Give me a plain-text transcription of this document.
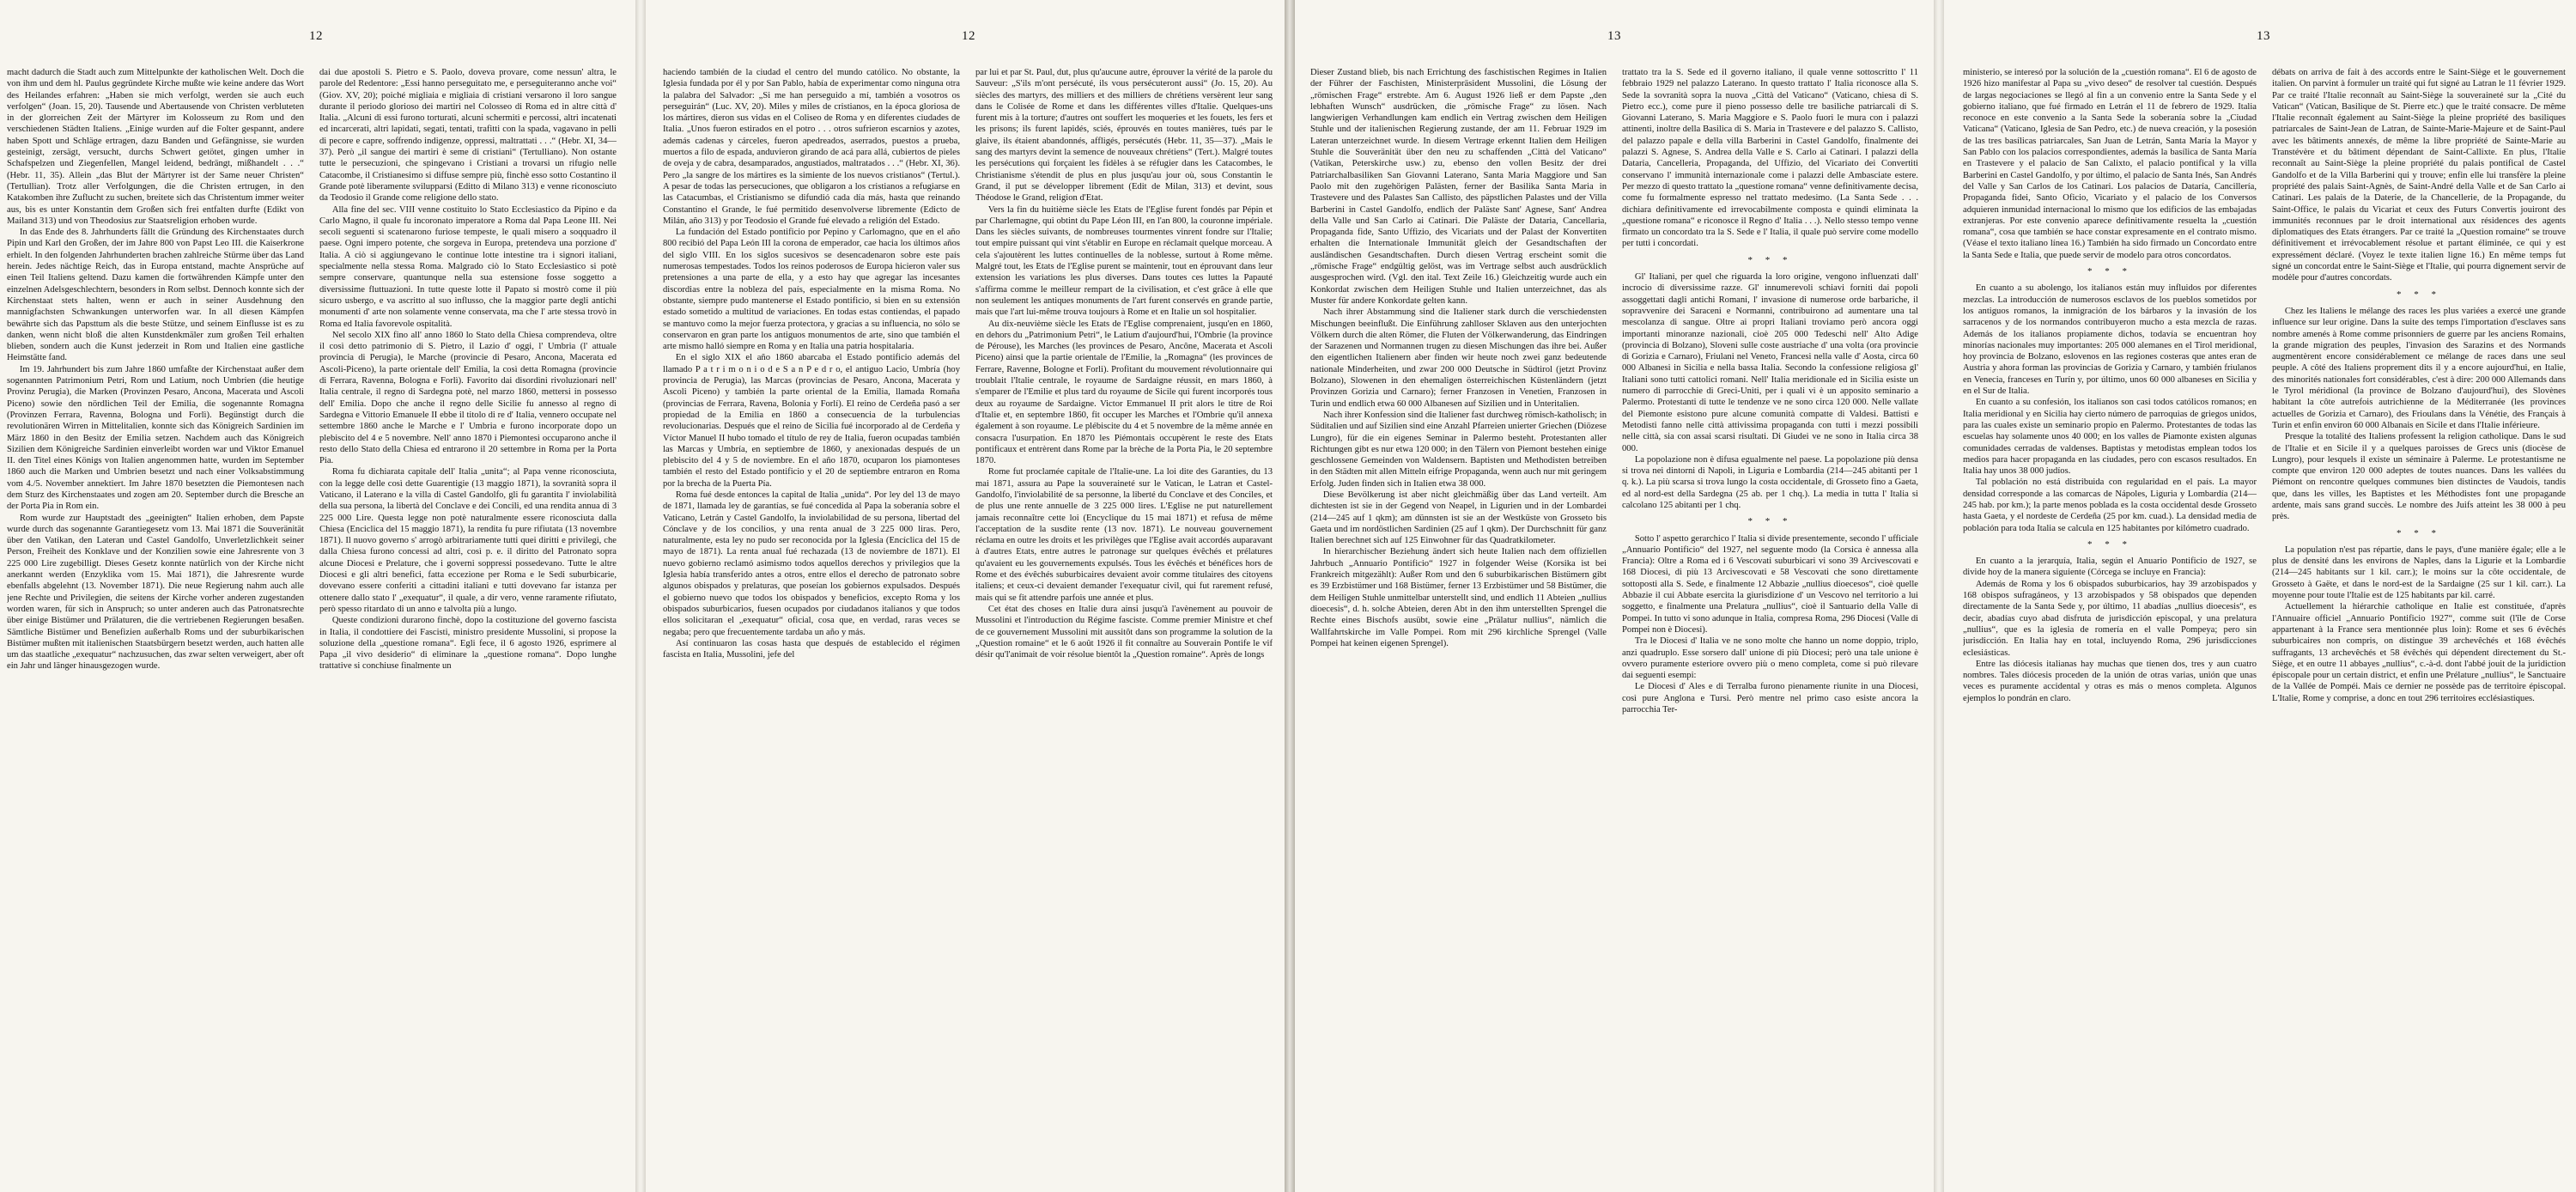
12

macht dadurch die Stadt auch zum Mittelpunkte der katholischen Welt. Doch die von ihm und dem hl. Paulus gegründete Kirche mußte wie keine andere das Wort des Heilandes erfahren: „Haben sie mich verfolgt, werden sie auch euch verfolgen“ (Joan. 15, 20). Tausende und Abertausende von Christen verbluteten in der glorreichen Zeit der Märtyrer im Kolosseum zu Rom und den verschiedenen Städten Italiens. „Einige wurden auf die Folter gespannt, andere haben Spott und Schläge ertragen, dazu Banden und Gefängnisse, sie wurden gesteinigt, zersägt, versucht, durchs Schwert getötet, gingen umher in Schafspelzen und Ziegenfellen, Mangel leidend, bedrängt, mißhandelt . . .“ (Hebr. 11, 35). Allein „das Blut der Märtyrer ist der Same neuer Christen“ (Tertullian). Trotz aller Verfolgungen, die die Christen ertrugen, in den Katakomben ihre Zuflucht zu suchen, breitete sich das Christentum immer weiter aus, bis es unter Konstantin dem Großen sich frei entfalten durfte (Edikt von Mailand 313) und von Theodosius zur Staatsreligion erhoben wurde.

In das Ende des 8. Jahrhunderts fällt die Gründung des Kirchenstaates durch Pipin und Karl den Großen, der im Jahre 800 von Papst Leo III. die Kaiserkrone erhielt. In den folgenden Jahrhunderten brachen zahlreiche Stürme über das Land herein. Jedes nächtige Reich, das in Europa entstand, machte Ansprüche auf einen Teil Italiens geltend. Dazu kamen die fortwährenden Kämpfe unter den einzelnen Adelsgeschlechtern, besonders in Rom selbst. Dennoch konnte sich der Kirchenstaat stets halten, wenn er auch in seiner Ausdehnung den mannigfachsten Schwankungen unterworfen war. In all diesen Kämpfen bewährte sich das Papsttum als die beste Stütze, und seinem Einflusse ist es zu danken, wenn nicht bloß die alten Kunstdenkmäler zum großen Teil erhalten blieben, sondern auch die Kunst jederzeit in Rom und Italien eine gastliche Heimstätte fand.

Im 19. Jahrhundert bis zum Jahre 1860 umfaßte der Kirchenstaat außer dem sogenannten Patrimonium Petri, Rom und Latium, noch Umbrien (die heutige Provinz Perugia), die Marken (Provinzen Pesaro, Ancona, Macerata und Ascoli Piceno) sowie den nördlichen Teil der Emilia, die sogenannte Romagna (Provinzen Ferrara, Ravenna, Bologna und Forlì). Begünstigt durch die revolutionären Wirren in Mittelitalien, konnte sich das Königreich Sardinien im März 1860 in den Besitz der Emilia setzen. Nachdem auch das Königreich Sizilien dem Königreiche Sardinien einverleibt worden war und Viktor Emanuel II. den Titel eines Königs von Italien angenommen hatte, wurden im September 1860 auch die Marken und Umbrien besetzt und nach einer Volksabstimmung vom 4./5. November annektiert. Im Jahre 1870 besetzten die Piemontesen nach dem Sturz des Kirchenstaates und zogen am 20. September durch die Bresche an der Porta Pia in Rom ein.

Rom wurde zur Hauptstadt des „geeinigten“ Italien erhoben, dem Papste wurde durch das sogenannte Garantiegesetz vom 13. Mai 1871 die Souveränität über den Vatikan, den Lateran und Castel Gandolfo, Unverletzlichkeit seiner Person, Freiheit des Konklave und der Konzilien sowie eine Jahresrente von 3 225 000 Lire zugebilligt. Dieses Gesetz konnte natürlich von der Kirche nicht anerkannt werden (Enzyklika vom 15. Mai 1871), die Jahresrente wurde ebenfalls abgelehnt (13. November 1871). Die neue Regierung nahm auch alle jene Rechte und Privilegien, die seitens der Kirche vorher anderen zugestanden worden waren, für sich in Anspruch; so unter anderen auch das Patronatsrechte über einige Bistümer und Prälaturen, die die vertriebenen Regierungen besaßen. Sämtliche Bistümer und Benefizien außerhalb Roms und der suburbikarischen Bistümer mußten mit italienischen Staatsbürgern besetzt werden, auch hatten alle um das staatliche „exequatur“ nachzusuchen, das zwar selten verweigert, aber oft ein Jahr und länger hinausgezogen wurde.

dai due apostoli S. Pietro e S. Paolo, doveva provare, come nessun' altra, le parole del Redentore: „Essi hanno perseguitato me, e perseguiteranno anche voi“ (Giov. XV, 20); poiché migliaia e migliaia di cristiani versarono il loro sangue durante il periodo glorioso dei martiri nel Colosseo di Roma ed in altre città d' Italia. „Alcuni di essi furono torturati, alcuni schermiti e percossi, altri incatenati ed incarcerati, altri lapidati, segati, tentati, trafitti con la spada, vagavano in pelli di pecore e capre, soffrendo indigenze, oppressi, maltrattati . . .“ (Hebr. XI, 34—37). Però „il sangue dei martiri è seme di cristiani“ (Tertulliano). Non ostante tutte le persecuzioni, che spingevano i Cristiani a trovarsi un rifugio nelle Catacombe, il Cristianesimo si diffuse sempre più, finchè esso sotto Costantino il Grande potè liberamente svilupparsi (Editto di Milano 313) e venne riconosciuto da Teodosio il Grande come religione dello stato.

Alla fine del sec. VIII venne costituito lo Stato Ecclesiastico da Pipino e da Carlo Magno, il quale fu incoronato imperatore a Roma dal Papa Leone III. Nei secoli seguenti si scatenarono furiose tempeste, le quali misero a soqquadro il paese. Ogni impero potente, che sorgeva in Europa, pretendeva una porzione d' Italia. A ciò si aggiungevano le continue lotte intestine tra i signori italiani, specialmente nella stessa Roma. Malgrado ciò lo Stato Ecclesiastico si potè sempre conservare, quantunque nella sua estensione fosse soggetto a diversissime fluttuazioni. In tutte queste lotte il Papato si mostrò come il più sicuro usbergo, e va ascritto al suo influsso, che la maggior parte degli antichi monumenti d' arte non solamente venne conservata, ma che l' arte stessa trovò in Roma ed Italia favorevole ospitalità.

Nel secolo XIX fino all' anno 1860 lo Stato della Chiesa comprendeva, oltre il così detto patrimonio di S. Pietro, il Lazio d' oggi, l' Umbria (l' attuale provincia di Perugia), le Marche (provincie di Pesaro, Ancona, Macerata ed Ascoli-Piceno), la parte orientale dell' Emilia, la così detta Romagna (provincie di Ferrara, Ravenna, Bologna e Forlì). Favorito dai disordini rivoluzionari nell' Italia centrale, il regno di Sardegna potè, nel marzo 1860, mettersi in possesso dell' Emilia. Dopo che anche il regno delle Sicilie fu annesso al regno di Sardegna e Vittorio Emanuele II ebbe il titolo di re d' Italia, vennero occupate nel settembre 1860 anche le Marche e l' Umbria e furono incorporate dopo un plebiscito del 4 e 5 novembre. Nell' anno 1870 i Piemontesi occuparono anche il resto dello Stato della Chiesa ed entrarono il 20 settembre in Roma per la Porta Pia.

Roma fu dichiarata capitale dell' Italia „unita“; al Papa venne riconosciuta, con la legge delle così dette Guarentigie (13 maggio 1871), la sovranità sopra il Vaticano, il Laterano e la villa di Castel Gandolfo, gli fu garantita l' inviolabilità della sua persona, la libertà del Conclave e dei Concili, ed una rendita annua di 3 225 000 Lire. Questa legge non potè naturalmente essere riconosciuta dalla Chiesa (Enciclica del 15 maggio 1871), la rendita fu pure rifiutata (13 novembre 1871). Il nuovo governo s' arrogò arbitrariamente tutti quei diritti e privilegi, che dalla Chiesa furono concessi ad altri, così p. e. il diritto del Patronato sopra alcune Diocesi e Prelature, che i governi soppressi possedevano. Tutte le altre Diocesi e gli altri benefici, fatta eccezione per Roma e le Sedi suburbicarie, dovevano essere conferiti a cittadini italiani e tutti dovevano far istanza per ottenere dallo stato l' „exequatur“, il quale, a dir vero, venne raramente rifiutato, però spesso ritardato di un anno e talvolta più a lungo.

Queste condizioni durarono finchè, dopo la costituzione del governo fascista in Italia, il condottiere dei Fascisti, ministro presidente Mussolini, si propose la soluzione della „questione romana“. Egli fece, il 6 agosto 1926, esprimere al Papa „il vivo desiderio“ di eliminare la „questione romana“. Dopo lunghe trattative si conchiuse finalmente un

12

haciendo también de la ciudad el centro del mundo católico. No obstante, la Iglesia fundada por él y por San Pablo, había de experimentar como ninguna otra la palabra del Salvador: „Si me han perseguido a mí, también a vosotros os perseguirán“ (Luc. XV, 20). Miles y miles de cristianos, en la época gloriosa de los mártires, dieron sus vidas en el Coliseo de Roma y en diferentes ciudades de Italia. „Unos fueron estirados en el potro . . . otros sufrieron escarnios y azotes, además cadenas y cárceles, fueron apedreados, aserrados, puestos a prueba, muertos a filo de espada, anduvieron girando de acá para allá, cubiertos de pieles de oveja y de cabra, desamparados, angustiados, maltratados . . .“ (Hebr. XI, 36). Pero „la sangre de los mártires es la simiente de los nuevos cristianos“ (Tertul.). A pesar de todas las persecuciones, que obligaron a los cristianos a refugiarse en las Catacumbas, el Cristianismo se difundió cada día más, hasta que reinando Constantino el Grande, le fué permitido desenvolverse libremente (Edicto de Milán, año 313) y por Teodosio el Grande fué elevado a religión del Estado.

La fundación del Estado pontificio por Pepino y Carlomagno, que en el año 800 recibió del Papa León III la corona de emperador, cae hacia los últimos años del siglo VIII. En los siglos sucesivos se desencadenaron sobre este país numerosas tempestades. Todos los reinos poderosos de Europa hicieron valer sus pretensiones a una parte de ella, y a esto hay que agregar las incesantes discordias entre la nobleza del país, especialmente en la misma Roma. No obstante, siempre pudo mantenerse el Estado pontificio, si bien en su extensión estado sometido a multitud de variaciones. En todas estas contiendas, el papado se mantuvo como la mejor fuerza protectora, y gracias a su influencia, no sólo se conservaron en gran parte los antiguos monumentos de arte, sino que también el arte mismo halló siempre en Roma y en Italia una patria hospitalaria.

En el siglo XIX el año 1860 abarcaba el Estado pontificio además del llamado P a t r i m o n i o d e S a n P e d r o, el antiguo Lacio, Umbría (hoy provincia de Perugia), las Marcas (provincias de Pesaro, Ancona, Macerata y Ascoli Piceno) y también la parte oriental de la Emilia, llamada Romaña (provincias de Ferrara, Ravena, Bolonia y Forlí). El reino de Cerdeña pasó a ser propiedad de la Emilia en 1860 a consecuencia de la turbulencias revolucionarias. Después que el reino de Sicilia fué incorporado al de Cerdeña y Víctor Manuel II hubo tomado el título de rey de Italia, fueron ocupadas también las Marcas y Umbría, en septiembre de 1860, y anexionadas después de un plebiscito del 4 y 5 de noviembre. En el año 1870, ocuparon los piamonteses también el resto del Estado pontificio y el 20 de septiembre entraron en Roma por la brecha de la Puerta Pía.

Roma fué desde entonces la capital de Italia „unida“. Por ley del 13 de mayo de 1871, llamada ley de garantías, se fué concedida al Papa la soberanía sobre el Vaticano, Letrán y Castel Gandolfo, la inviolabilidad de su persona, libertad del Cónclave y de los concilios, y una renta anual de 3 225 000 liras. Pero, naturalmente, esta ley no pudo ser reconocida por la Iglesia (Encíclica del 15 de mayo de 1871). La renta anual fué rechazada (13 de noviembre de 1871). El nuevo gobierno reclamó asimismo todos aquellos derechos y privilegios que la Iglesia había transferido antes a otros, entre ellos el derecho de patronato sobre algunos obispados y prelaturas, que poseían los gobiernos expulsados. Después el gobierno nuevo que todos los obispados y beneficios, excepto Roma y los obispados suburbicarios, fuesen ocupados por ciudadanos italianos y que todos ellos solicitaran el „exequatur“ oficial, cosa que, en verdad, raras veces se negaba; pero que frecuentemente tardaba un año y más.

Así continuaron las cosas hasta que después de establecido el régimen fascista en Italia, Mussolini, jefe del

par lui et par St. Paul, dut, plus qu'aucune autre, éprouver la vérité de la parole du Sauveur: „S'ils m'ont persécuté, ils vous persécuteront aussi“ (Jo. 15, 20). Au siècles des martyrs, des milliers et des milliers de chrétiens versèrent leur sang dans le Colisée de Rome et dans les différentes villes d'Italie. Quelques-uns furent mis à la torture; d'autres ont souffert les moqueries et les fouets, les fers et les prisons; ils furent lapidés, sciés, éprouvés en toutes manières, tués par le glaive, ils étaient abandonnés, affligés, persécutés (Hebr. 11, 35—37). „Mais le sang des martyrs devint la semence de nouveaux chrétiens“ (Tert.). Malgré toutes les persécutions qui forçaient les fidèles à se réfugier dans les Catacombes, le Christianisme s'étendit de plus en plus jusqu'au jour où, sous Constantin le Grand, il put se développer librement (Edit de Milan, 313) et devint, sous Théodose le Grand, religion d'Etat.

Vers la fin du huitième siècle les Etats de l'Eglise furent fondés par Pépin et par Charlemagne, qui obtint du Pape Léon III, en l'an 800, la couronne impériale. Dans les siècles suivants, de nombreuses tourmentes vinrent fondre sur l'Italie; tout empire puissant qui vint s'établir en Europe en réclamait quelque morceau. A cela s'ajoutèrent les luttes continuelles de la noblesse, surtout à Rome même. Malgré tout, les Etats de l'Eglise purent se maintenir, tout en éprouvant dans leur extension les variations les plus diverses. Dans toutes ces luttes la Papauté s'affirma comme le meilleur rempart de la civilisation, et c'est grâce à elle que non seulement les antiques monuments de l'art furent conservés en grande partie, mais que l'art lui-même trouva toujours à Rome et en Italie un sol hospitalier.

Au dix-neuvième siècle les Etats de l'Eglise comprenaient, jusqu'en en 1860, en dehors du „Patrimonium Petri“, le Latium d'aujourd'hui, l'Ombrie (la province de Pérouse), les Marches (les provinces de Pesaro, Ancône, Macerata et Ascoli Piceno) ainsi que la partie orientale de l'Emilie, la „Romagna“ (les provinces de Ferrare, Ravenne, Bologne et Forli). Profitant du mouvement révolutionnaire qui troublait l'Italie centrale, le royaume de Sardaigne réussit, en mars 1860, à s'emparer de l'Emilie et plus tard du royaume de Sicile qui furent incorporés tous deux au royaume de Sardaigne. Victor Emmanuel II prit alors le titre de Roi d'Italie et, en septembre 1860, fit occuper les Marches et l'Ombrie qu'il annexa également à son royaume. Le plébiscite du 4 et 5 novembre de la même année en consacra l'usurpation. En 1870 les Piémontais occupèrent le reste des Etats pontificaux et entrèrent dans Rome par la brèche de la Porta Pia, le 20 septembre 1870.

Rome fut proclamée capitale de l'Italie-une. La loi dite des Garanties, du 13 mai 1871, assura au Pape la souveraineté sur le Vatican, le Latran et Castel-Gandolfo, l'inviolabilité de sa personne, la liberté du Conclave et des Conciles, et de plus une rente annuelle de 3 225 000 lires. L'Eglise ne put naturellement jamais reconnaître cette loi (Encyclique du 15 mai 1871) et refusa de même l'acceptation de la susdite rente (13 nov. 1871). Le nouveau gouvernement réclama en outre les droits et les privilèges que l'Eglise avait accordés auparavant à d'autres Etats, entre autres le patronage sur quelques évêchés et prélatures qu'avaient eu les gouvernements expulsés. Tous les évêchés et bénéfices hors de Rome et des évêchés suburbicaires devaient avoir comme titulaires des citoyens italiens; et ceux-ci devaient demander l'exequatur civil, qui fut rarement refusé, mais qui se fit attendre parfois une année et plus.

Cet état des choses en Italie dura ainsi jusqu'à l'avènement au pouvoir de Mussolini et l'introduction du Régime fasciste. Comme premier Ministre et chef de ce gouvernement Mussolini mit aussitôt dans son programme la solution de la „Question romaine“ et le 6 août 1926 il fit connaître au Souverain Pontife le vif désir qu'l'animait de voir résolue bientôt la „Question romaine“. Après de longs

13

Dieser Zustand blieb, bis nach Errichtung des faschistischen Regimes in Italien der Führer der Faschisten, Ministerpräsident Mussolini, die Lösung der „römischen Frage“ erstrebte. Am 6. August 1926 ließ er dem Papste „den lebhaften Wunsch“ ausdrücken, die „römische Frage“ zu lösen. Nach langwierigen Verhandlungen kam endlich ein Vertrag zwischen dem Heiligen Stuhle und der italienischen Regierung zustande, der am 11. Februar 1929 im Lateran unterzeichnet wurde. In diesem Vertrage erkennt Italien dem Heiligen Stuhle die Souveränität über den neu zu schaffenden „Città del Vaticano“ (Vatikan, Peterskirche usw.) zu, ebenso den vollen Besitz der drei Patriarchalbasiliken San Giovanni Laterano, Santa Maria Maggiore und San Paolo mit den zugehörigen Palästen, ferner der Basilika Santa Maria in Trastevere und des Palastes San Callisto, des päpstlichen Palastes und der Villa Barberini in Castel Gandolfo, endlich der Paläste Sant' Agnese, Sant' Andrea della Valle und San Carlo ai Catinari. Die Paläste der Dataria, Cancellaria, Propaganda fide, Santo Uffizio, des Vicariats und der Palast der Konvertiten erhalten die Internationale Immunität gleich der Gesandtschaften der ausländischen Gesandtschaften. Durch diesen Vertrag erscheint somit die „römische Frage“ endgültig gelöst, was im Vertrage selbst auch ausdrücklich ausgesprochen wird. (Vgl. den ital. Text Zeile 16.) Gleichzeitig wurde auch ein Konkordat zwischen dem Heiligen Stuhle und Italien unterzeichnet, das als Muster für andere Konkordate gelten kann.

Nach ihrer Abstammung sind die Italiener stark durch die verschiedensten Mischungen beeinflußt. Die Einführung zahlloser Sklaven aus den unterjochten Völkern durch die alten Römer, die Fluten der Völkerwanderung, das Eindringen der Sarazenen und Normannen trugen zu diesen Mischungen das ihre bei. Außer den eigentlichen Italienern aber finden wir heute noch zwei ganz bedeutende nationale Minderheiten, und zwar 200 000 Deutsche in Südtirol (jetzt Provinz Bolzano), Slowenen in den ehemaligen österreichischen Küstenländern (jetzt Provinzen Gorizia und Carnaro); ferner Franzosen in Venetien, Franzosen in Turin und endlich etwa 60 000 Albanesen auf Sizilien und in Unteritalien.

Nach ihrer Konfession sind die Italiener fast durchweg römisch-katholisch; in Süditalien und auf Sizilien sind eine Anzahl Pfarreien unierter Griechen (Diözese Lungro), für die ein eigenes Seminar in Palermo besteht. Protestanten aller Richtungen gibt es nur etwa 120 000; in den Tälern von Piemont bestehen einige geschlossene Gemeinden von Waldensern. Baptisten und Methodisten betreiben in den Städten mit allen Mitteln eifrige Propaganda, wenn auch nur mit geringem Erfolg. Juden finden sich in Italien etwa 38 000.

Diese Bevölkerung ist aber nicht gleichmäßig über das Land verteilt. Am dichtesten ist sie in der Gegend von Neapel, in Ligurien und in der Lombardei (214—245 auf 1 qkm); am dünnsten ist sie an der Westküste von Grosseto bis Gaeta und im nordöstlichen Sardinien (25 auf 1 qkm). Der Durchschnitt für ganz Italien berechnet sich auf 125 Einwohner für das Quadratkilometer.

In hierarchischer Beziehung ändert sich heute Italien nach dem offiziellen Jahrbuch „Annuario Pontificio“ 1927 in folgender Weise (Korsika ist bei Frankreich mitgezählt): Außer Rom und den 6 suburbikarischen Bistümern gibt es 39 Erzbistümer und 168 Bistümer, ferner 13 Erzbistümer und 58 Bistümer, die dem Heiligen Stuhle unmittelbar unterstellt sind, und endlich 11 Abteien „nullius dioecesis“, d. h. solche Abteien, deren Abt in den ihm unterstellten Sprengel die Rechte eines Bischofs ausübt, sowie eine „Prälatur nullius“, nämlich die Wallfahrtskirche im Valle Pompei. Rom mit 296 kirchliche Sprengel (Valle Pompei hat keinen eigenen Sprengel).

trattato tra la S. Sede ed il governo italiano, il quale venne sottoscritto l' 11 febbraio 1929 nel palazzo Laterano. In questo trattato l' Italia riconosce alla S. Sede la sovranità sopra la nuova „Città del Vaticano“ (Vaticano, chiesa di S. Pietro ecc.), come pure il pieno possesso delle tre basiliche patriarcali di S. Giovanni Laterano, S. Maria Maggiore e S. Paolo fuori le mura con i palazzi attinenti, inoltre della Basilica di S. Maria in Trastevere e del palazzo S. Callisto, del palazzo papale e della villa Barberini in Castel Gandolfo, finalmente dei palazzi S. Agnese, S. Andrea della Valle e S. Carlo ai Catinari. I palazzi della Dataria, Cancelleria, Propaganda, del Uffizio, del Vicariato dei Convertiti conservano l' immunità internazionale come i palazzi delle Ambasciate estere. Per mezzo di questo trattato la „questione romana“ venne definitivamente decisa, come fu formalmente espresso nel trattato medesimo. (La Santa Sede . . . dichiara definitivamente ed irrevocabilmente composta e quindi eliminata la „questione romana“ e riconosce il Regno d' Italia . . .). Nello stesso tempo venne firmato un concordato tra la S. Sede e l' Italia, il quale può servire come modello per tutti i concordati.

* * *

Gl' Italiani, per quel che riguarda la loro origine, vengono influenzati dall' incrocio di diversissime razze. Gl' innumerevoli schiavi forniti dai popoli assoggettati dagli antichi Romani, l' invasione di numerose orde barbariche, il sopravvenire dei Saraceni e Normanni, contribuirono ad aumentare una tal mescolanza di sangue. Oltre ai propri Italiani troviamo però ancora oggi importanti minoranze nazionali, cioè 205 000 Tedeschi nell' Alto Adige (provincia di Bolzano), Sloveni sulle coste austriache d' una volta (ora provincie di Gorizia e Carnaro), Friulani nel Veneto, Francesi nella valle d' Aosta, circa 60 000 Albanesi in Sicilia e nella bassa Italia. Secondo la confessione religiosa gl' Italiani sono tutti cattolici romani. Nell' Italia meridionale ed in Sicilia esiste un numero di parrocchie di Greci-Uniti, per i quali vi è un apposito seminario a Palermo. Protestanti di tutte le tendenze ve ne sono circa 120 000. Nelle vallate del Piemonte esistono pure alcune comunità compatte di Valdesi. Battisti e Metodisti fanno nelle città attivissima propaganda con tutti i mezzi possibili nelle città, sia con assai scarsi risultati. Di Giudei ve ne sono in Italia circa 38 000.

La popolazione non è difusa egualmente nel paese. La popolazione più densa si trova nei dintorni di Napoli, in Liguria e Lombardia (214—245 abitanti per 1 q. k.). La più scarsa si trova lungo la costa occidentale, di Grosseto fino a Gaeta, ed al nord-est della Sardegna (25 ab. per 1 chq.). La media in tutta l' Italia si calcolano 125 abitanti per 1 chq.

* * *

Sotto l' aspetto gerarchico l' Italia si divide presentemente, secondo l' ufficiale „Annuario Pontificio“ del 1927, nel seguente modo (la Corsica è annessa alla Francia): Oltre a Roma ed i 6 Vescovati suburbicari vi sono 39 Arcivescovati e 168 Diocesi, di più 13 Arcivescovati e 58 Vescovati che sono direttamente sottoposti alla S. Sede, e finalmente 12 Abbazie „nullius dioecesos“, cioè quelle Abbazie il cui Abbate esercita la giurisdizione d' un Vescovo nel territorio a lui soggetto, e finalmente una Prelatura „nullius“, cioè il Santuario della Valle di Pompei. In tutto vi sono adunque in Italia, compresa Roma, 296 Diocesi (Valle di Pompei non è Diocesi).

Tra le Diocesi d' Italia ve ne sono molte che hanno un nome doppio, triplo, anzi quadruplo. Esse sorsero dall' unione di più Diocesi; però una tale unione è ovvero puramente esteriore ovvero più o meno completa, come si può rilevare dai seguenti esempi:

Le Diocesi d' Ales e di Terralba furono pienamente riunite in una Diocesi, così pure Anglona e Tursi. Però mentre nel primo caso esiste ancora la parrocchia Ter-

13

ministerio, se interesó por la solución de la „cuestión romana“. El 6 de agosto de 1926 hizo manifestar al Papa su „vivo deseo“ de resolver tal cuestión. Después de largas negociaciones se llegó al fin a un convenio entre la Santa Sede y el gobierno italiano, que fué firmado en Letrán el 11 de febrero de 1929. Italia reconoce en este convenio a la Santa Sede la soberanía sobre la „Ciudad Vaticana“ (Vaticano, Iglesia de San Pedro, etc.) de nueva creación, y la posesión de las tres basílicas patriarcales, San Juan de Letrán, Santa María la Mayor y San Pablo con los palacios correspondientes, además la basílica de Santa María en Trastevere y el palacio de San Calixto, el palacio pontifical y la villa Barberini en Castel Gandolfo, y por último, el palacio de Santa Inés, San Andrés del Valle y San Carlos de los Catinari. Los palacios de Dataría, Cancillería, Propaganda fidei, Santo Oficio, Vicariato y el palacio de los Conversos adquieren inmunidad internacional lo mismo que los edificios de las embajadas extranjeras. Por este convenio aparece definitivamente resuelta la „cuestión romana“, cosa que también se hace constar expresamente en el contrato mismo. (Véase el texto italiano línea 16.) También ha sido firmado un Concordato entre la Santa Sede e Italia, que puede servir de modelo para otros concordatos.

* * *

En cuanto a su abolengo, los italianos están muy influidos por diferentes mezclas. La introducción de numerosos esclavos de los pueblos sometidos por los antiguos romanos, la inmigración de los bárbaros y la invasión de los sarracenos y de los normandos contribuyeron mucho a esta mezcla de razas. Además de los italianos propiamente dichos, todavía se encuentran hoy minorías nacionales muy importantes: 205 000 alemanes en el Tirol meridional, hoy provincia de Bolzano, eslovenos en las regiones costeras que antes eran de Austria y ahora forman las provincias de Gorizia y Carnaro, y también friulanos en Venecia, franceses en Turín y, por último, unos 60 000 albaneses en Sicilia y en el Sur de Italia.

En cuanto a su confesión, los italianos son casi todos católicos romanos; en Italia meridional y en Sicilia hay cierto número de parroquias de griegos unidos, para las cuales existe un seminario propio en Palermo. Protestantes de todas las escuelas hay solamente unos 40 000; en los valles de Piamonte existen algunas comunidades cerradas de valdenses. Baptistas y metodistas emplean todos los medios para hacer propaganda en las ciudades, pero con escasos resultados. En Italia hay unos 38 000 judíos.

Tal población no está distribuida con regularidad en el país. La mayor densidad corresponde a las comarcas de Nápoles, Liguria y Lombardía (214—245 hab. por km.); la parte menos poblada es la costa occidental desde Grosseto hasta Gaeta, y el nordeste de Cerdeña (25 por km. cuad.). La densidad media de población para toda Italia se calcula en 125 habitantes por kilómetro cuadrado.

* * *

En cuanto a la jerarquía, Italia, según el Anuario Pontificio de 1927, se divide hoy de la manera siguiente (Córcega se incluye en Francia):

Además de Roma y los 6 obispados suburbicarios, hay 39 arzobispados y 168 obispos sufragáneos, y 13 arzobispados y 58 obispados que dependen directamente de la Santa Sede y, por último, 11 abadías „nullius dioecesis“, es decir, abadías cuyo abad disfruta de jurisdicción episcopal, y una prelatura „nullius“, que es la iglesia de romería en el valle Pompeya; pero sin jurisdicción. En Italia hay en total, incluyendo Roma, 296 jurisdicciones eclesiásticas.

Entre las diócesis italianas hay muchas que tienen dos, tres y aun cuatro nombres. Tales diócesis proceden de la unión de otras varias, unión que unas veces es puramente accidental y otras es más o menos completa. Algunos ejemplos lo pondrán en claro.

débats on arriva de fait à des accords entre le Saint-Siège et le gouvernement italien. On parvint à formuler un traité qui fut signé au Latran le 11 février 1929. Par ce traité l'Italie reconnaît au Saint-Siège la souveraineté sur la „Cité du Vatican“ (Vatican, Basilique de St. Pierre etc.) que le traité consacre. De même l'Italie reconnaît également au Saint-Siège la pleine propriété des basiliques patriarcales de Saint-Jean de Latran, de Sainte-Marie-Majeure et de Saint-Paul avec les bâtiments annexés, de même la libre propriété de Sainte-Marie au Transtévère et du bâtiment dépendant de Saint-Callixte. En plus, l'Italie reconnaît au Saint-Siège la pleine propriété du palais pontifical de Castel Gandolfo et de la Villa Barberini qui y trouve; enfin elle lui transfère la pleine propriété des palais Saint-Agnès, de Saint-André della Valle et de San Carlo ai Catinari. Les palais de la Daterie, de la Chancellerie, de la Propagande, du Saint-Office, le palais du Vicariat et ceux des Futurs Convertis jouiront des immunités reconnues par le droit international aux résidences des agents diplomatiques des Etats étrangers. Par ce traité la „Question romaine“ se trouve définitivement et irrévocablement résolue et partant éliminée, ce qui y est expressément déclaré. (Voyez le texte italien ligne 16.) En même temps fut signé un concordat entre le Saint-Siège et l'Italie, qui pourra dignement servir de modèle pour d'autres concordats.

* * *

Chez les Italiens le mélange des races les plus variées a exercé une grande influence sur leur origine. Dans la suite des temps l'importation d'esclaves sans nombre amenés à Rome comme prisonniers de guerre par les anciens Romains, la grande migration des peuples, l'invasion des Sarazins et des Normands augmentèrent encore considérablement ce mélange de races dans une seul peuple. A côté des Italiens proprement dits il y a encore aujourd'hui, en Italie, des minorités nationales fort considérables, c'est à dire: 200 000 Allemands dans le Tyrol méridional (la province de Bolzano d'aujourd'hui), des Slovènes habitant la côte autrefois autrichienne de la Méditerranée (les provinces actuelles de Gorizia et Carnaro), des Frioulans dans la Vénétie, des Français à Turin et enfin environ 60 000 Albanais en Sicile et dans l'Italie inférieure.

Presque la totalité des Italiens professent la religion catholique. Dans le sud de l'Italie et en Sicile il y a quelques paroisses de Grecs unis (diocèse de Lungro), pour lesquels il existe un séminaire à Palerme. Le protestantisme ne compte que environ 120 000 adeptes de toutes nuances. Dans les vallées du Piémont on rencontre quelques communes bien distinctes de Vaudois, tandis que, dans les villes, les Baptistes et les Méthodistes font une propagande ardente, mais sans grand succès. Le nombre des Juifs atteint les 38 000 à peu près.

* * *

La population n'est pas répartie, dans le pays, d'une manière égale; elle a le plus de densité dans les environs de Naples, dans la Ligurie et la Lombardie (214—245 habitants sur 1 kil. carr.); le moins sur la côte occidentale, de Grosseto à Gaëte, et dans le nord-est de la Sardaigne (25 sur 1 kil. carr.). La moyenne pour toute l'Italie est de 125 habitants par kil. carré.

Actuellement la hiérarchie catholique en Italie est constituée, d'après l'Annuaire officiel „Annuario Pontificio 1927“, comme suit (l'île de Corse appartenant à la France sera mentionnée plus loin): Rome et ses 6 évêchés suburbicaires non compris, on distingue 39 archevêchés et 168 évêchés suffragants, 13 archevêchés et 58 évêchés qui dépendent directement du St.-Siège, et en outre 11 abbayes „nullius“, c.-à-d. dont l'abbé jouit de la juridiction épiscopale pour un certain district, et enfin une Prélature „nullius“, le Sanctuaire de la Vallée de Pompéi. Mais ce dernier ne possède pas de territoire épiscopal. L'Italie, Rome y comprise, a donc en tout 296 territoires ecclésiastiques.
